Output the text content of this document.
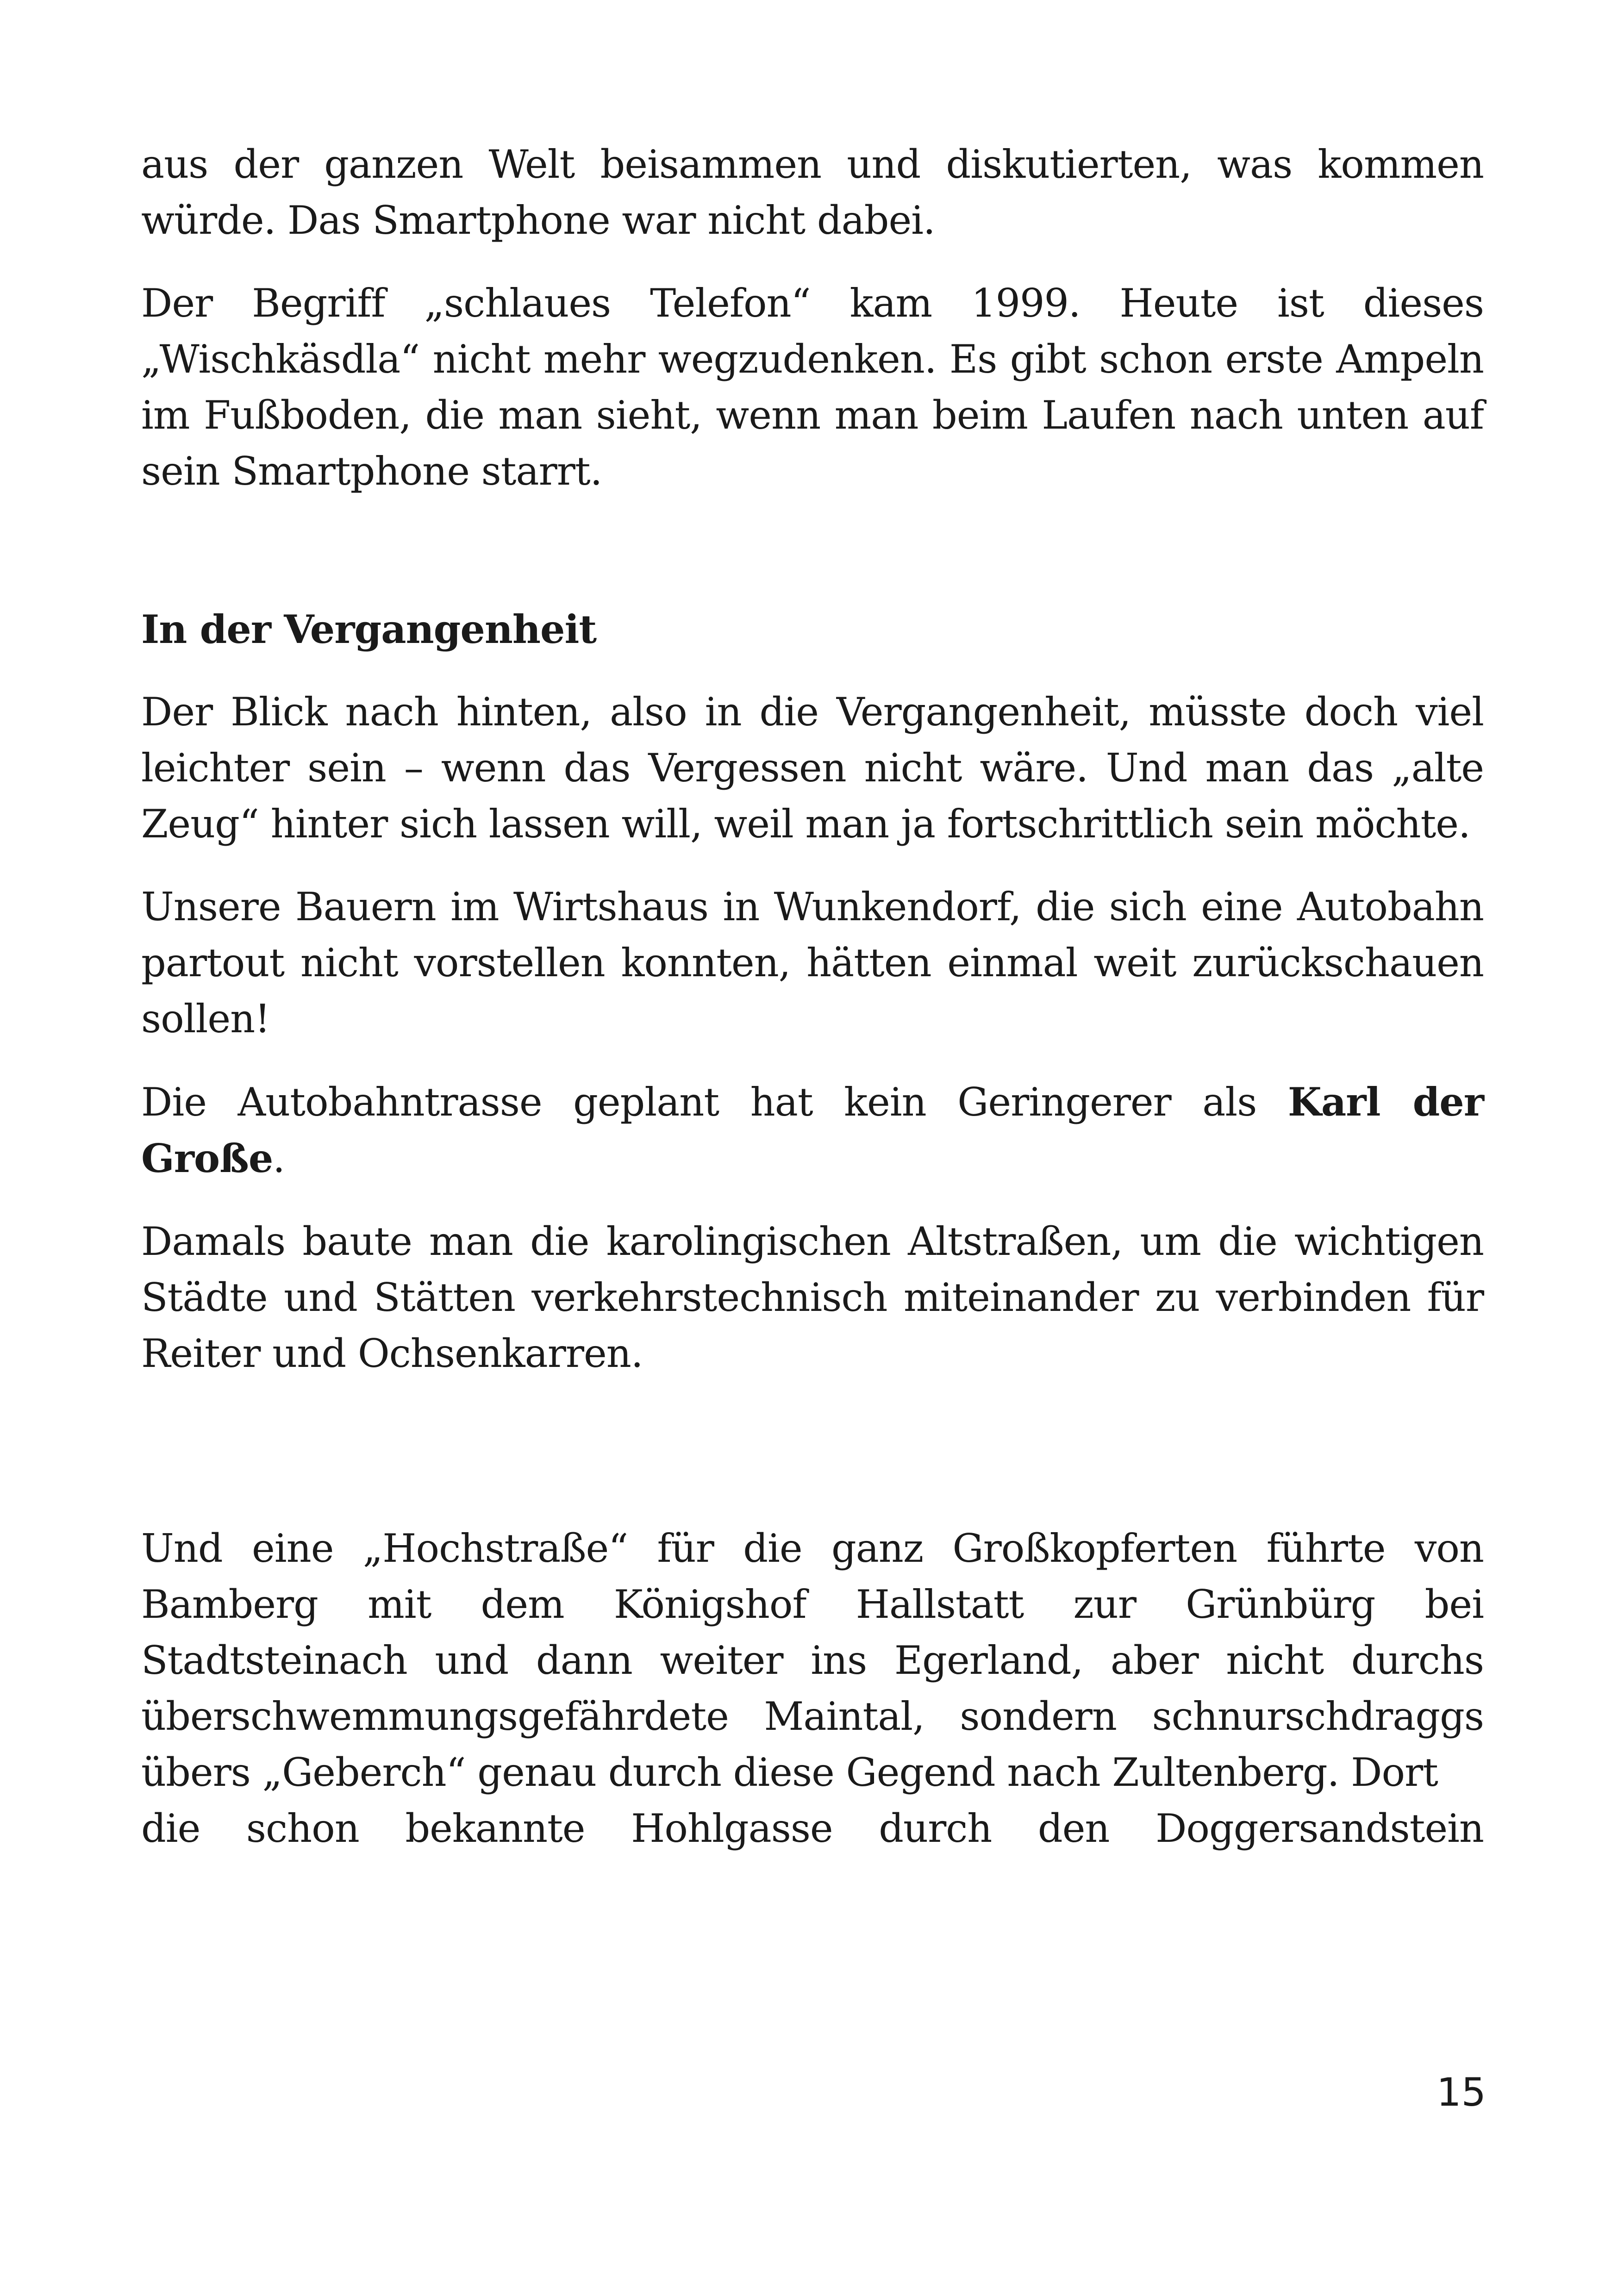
aus der ganzen Welt beisammen und diskutierten, was kommen würde. Das Smartphone war nicht dabei.

Der Begriff „schlaues Telefon“ kam 1999. Heute ist dieses „Wischkäsdla“ nicht mehr wegzudenken. Es gibt schon erste Ampeln im Fußboden, die man sieht, wenn man beim Laufen nach unten auf sein Smartphone starrt.

In der Vergangenheit

Der Blick nach hinten, also in die Vergangenheit, müsste doch viel leichter sein – wenn das Vergessen nicht wäre. Und man das „alte Zeug“ hinter sich lassen will, weil man ja fortschrittlich sein möchte.

Unsere Bauern im Wirtshaus in Wunkendorf, die sich eine Autobahn partout nicht vorstellen konnten, hätten einmal weit zurückschauen sollen!

Die Autobahntrasse geplant hat kein Geringerer als Karl der Große.

Damals baute man die karolingischen Altstraßen, um die wichtigen Städte und Stätten verkehrstechnisch miteinander zu verbinden für Reiter und Ochsenkarren.

Und eine „Hochstraße“ für die ganz Großkopferten führte von Bamberg mit dem Königshof Hallstatt zur Grünbürg bei Stadtsteinach und dann weiter ins Egerland, aber nicht durchs überschwemmungsgefährdete Maintal, sondern schnurschdraggs übers „Geberch“ genau durch diese Gegend nach Zultenberg. Dort
die schon bekannte Hohlgasse durch den Doggersandstein

15
